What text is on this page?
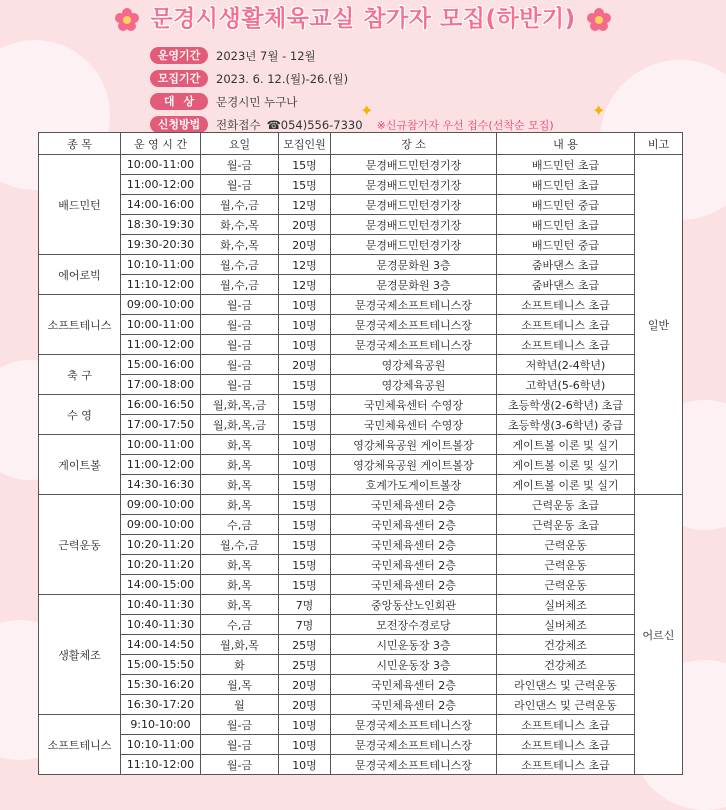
문경시생활체육교실 참가자 모집(하반기)
운영기간	2023년 7월 - 12월
모집기간	2023. 6. 12.(월)-26.(월)
대상	문경시민 누구나
신청방법	전화접수 ☎054)556-7330 ※신규참가자 우선 접수(선착순 모집)
✦	✦
종 목	운 영 시 간	요일	모집인원	장 소	내 용	비고
배드민턴	10:00-11:00	월-금	15명	문경배드민턴경기장	배드민턴 초급	일반
	11:00-12:00	월-금	15명	문경배드민턴경기장	배드민턴 초급	
	14:00-16:00	월,수,금	12명	문경배드민턴경기장	배드민턴 중급	
	18:30-19:30	화,수,목	20명	문경배드민턴경기장	배드민턴 초급	
	19:30-20:30	화,수,목	20명	문경배드민턴경기장	배드민턴 중급	
에어로빅	10:10-11:00	월,수,금	12명	문경문화원 3층	줌바댄스 초급	
	11:10-12:00	월,수,금	12명	문경문화원 3층	줌바댄스 초급	
소프트테니스	09:00-10:00	월-금	10명	문경국제소프트테니스장	소프트테니스 초급	
	10:00-11:00	월-금	10명	문경국제소프트테니스장	소프트테니스 초급	
	11:00-12:00	월-금	10명	문경국제소프트테니스장	소프트테니스 초급	
축 구	15:00-16:00	월-금	20명	영강체육공원	저학년(2-4학년)	
	17:00-18:00	월-금	15명	영강체육공원	고학년(5-6학년)	
수 영	16:00-16:50	월,화,목,금	15명	국민체육센터 수영장	초등학생(2-6학년) 초급	
	17:00-17:50	월,화,목,금	15명	국민체육센터 수영장	초등학생(3-6학년) 중급	
게이트볼	10:00-11:00	화,목	10명	영강체육공원 게이트볼장	게이트볼 이론 및 실기	
	11:00-12:00	화,목	10명	영강체육공원 게이트볼장	게이트볼 이론 및 실기	
	14:30-16:30	화,목	15명	호계가도게이트볼장	게이트볼 이론 및 실기	
근력운동	09:00-10:00	화,목	15명	국민체육센터 2층	근력운동 초급	어르신
	09:00-10:00	수,금	15명	국민체육센터 2층	근력운동 초급	
	10:20-11:20	월,수,금	15명	국민체육센터 2층	근력운동	
	10:20-11:20	화,목	15명	국민체육센터 2층	근력운동	
	14:00-15:00	화,목	15명	국민체육센터 2층	근력운동	
생활체조	10:40-11:30	화,목	7명	중앙동산노인회관	실버체조	
	10:40-11:30	수,금	7명	모전장수경로당	실버체조	
	14:00-14:50	월,화,목	25명	시민운동장 3층	건강체조	
	15:00-15:50	화	25명	시민운동장 3층	건강체조	
	15:30-16:20	월,목	20명	국민체육센터 2층	라인댄스 및 근력운동	
	16:30-17:20	월	20명	국민체육센터 2층	라인댄스 및 근력운동	
소프트테니스	9:10-10:00	월-금	10명	문경국제소프트테니스장	소프트테니스 초급	
	10:10-11:00	월-금	10명	문경국제소프트테니스장	소프트테니스 초급	
	11:10-12:00	월-금	10명	문경국제소프트테니스장	소프트테니스 초급	
